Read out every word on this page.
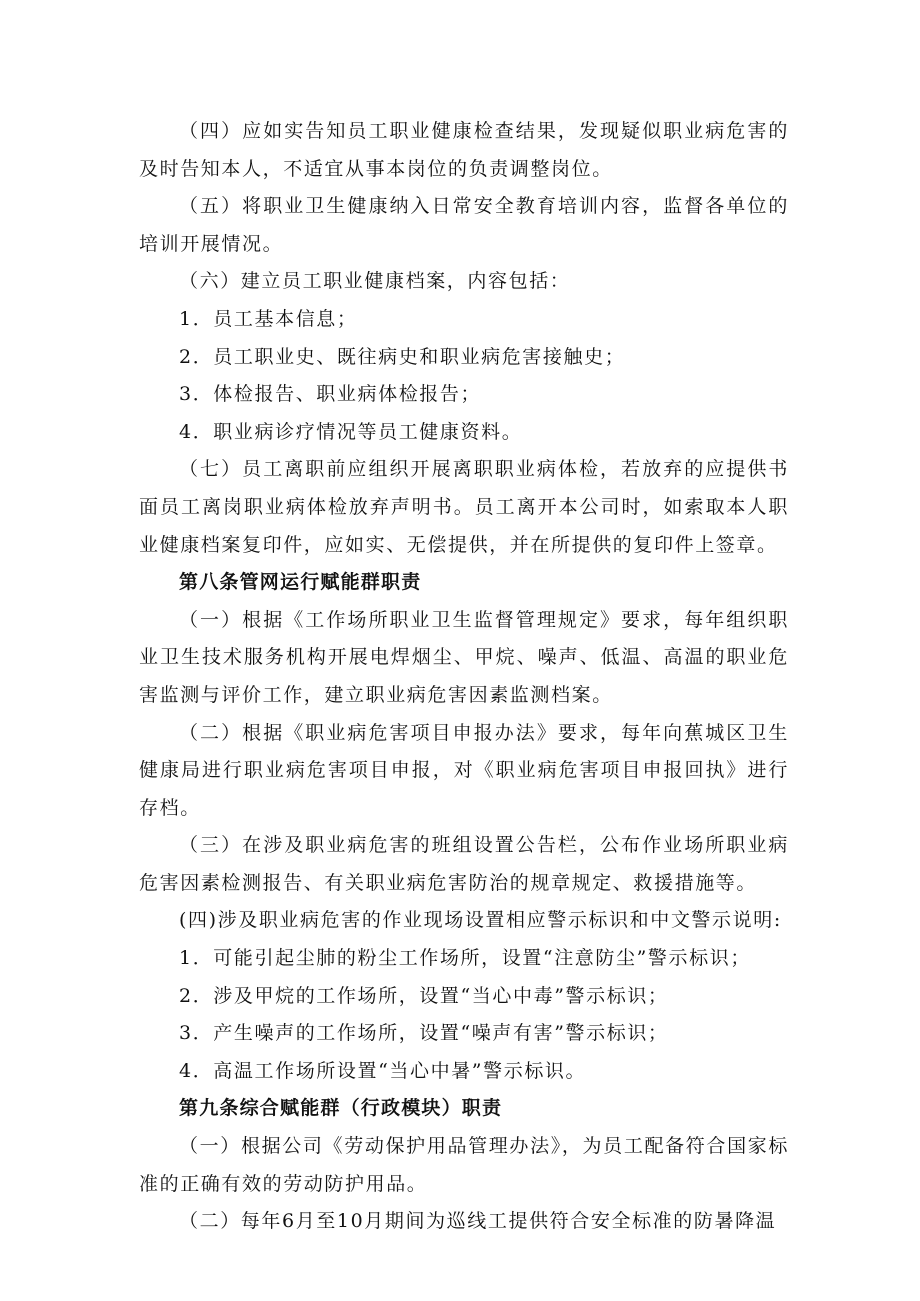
（四）应如实告知员工职业健康检查结果，发现疑似职业病危害的及时告知本人，不适宜从事本岗位的负责调整岗位。

（五）将职业卫生健康纳入日常安全教育培训内容，监督各单位的培训开展情况。

（六）建立员工职业健康档案，内容包括：

1．员工基本信息；

2．员工职业史、既往病史和职业病危害接触史；

3．体检报告、职业病体检报告；

4．职业病诊疗情况等员工健康资料。

（七）员工离职前应组织开展离职职业病体检，若放弃的应提供书面员工离岗职业病体检放弃声明书。员工离开本公司时，如索取本人职业健康档案复印件，应如实、无偿提供，并在所提供的复印件上签章。

第八条管网运行赋能群职责

（一）根据《工作场所职业卫生监督管理规定》要求，每年组织职业卫生技术服务机构开展电焊烟尘、甲烷、噪声、低温、高温的职业危害监测与评价工作，建立职业病危害因素监测档案。

（二）根据《职业病危害项目申报办法》要求，每年向蕉城区卫生健康局进行职业病危害项目申报，对《职业病危害项目申报回执》进行存档。

（三）在涉及职业病危害的班组设置公告栏，公布作业场所职业病危害因素检测报告、有关职业病危害防治的规章规定、救援措施等。

(四)涉及职业病危害的作业现场设置相应警示标识和中文警示说明:

1．可能引起尘肺的粉尘工作场所，设置“注意防尘”警示标识；

2．涉及甲烷的工作场所，设置“当心中毒”警示标识；

3．产生噪声的工作场所，设置“噪声有害”警示标识；

4．高温工作场所设置“当心中暑”警示标识。

第九条综合赋能群（行政模块）职责

（一）根据公司《劳动保护用品管理办法》，为员工配备符合国家标准的正确有效的劳动防护用品。

（二）每年6月至10月期间为巡线工提供符合安全标准的防暑降温
